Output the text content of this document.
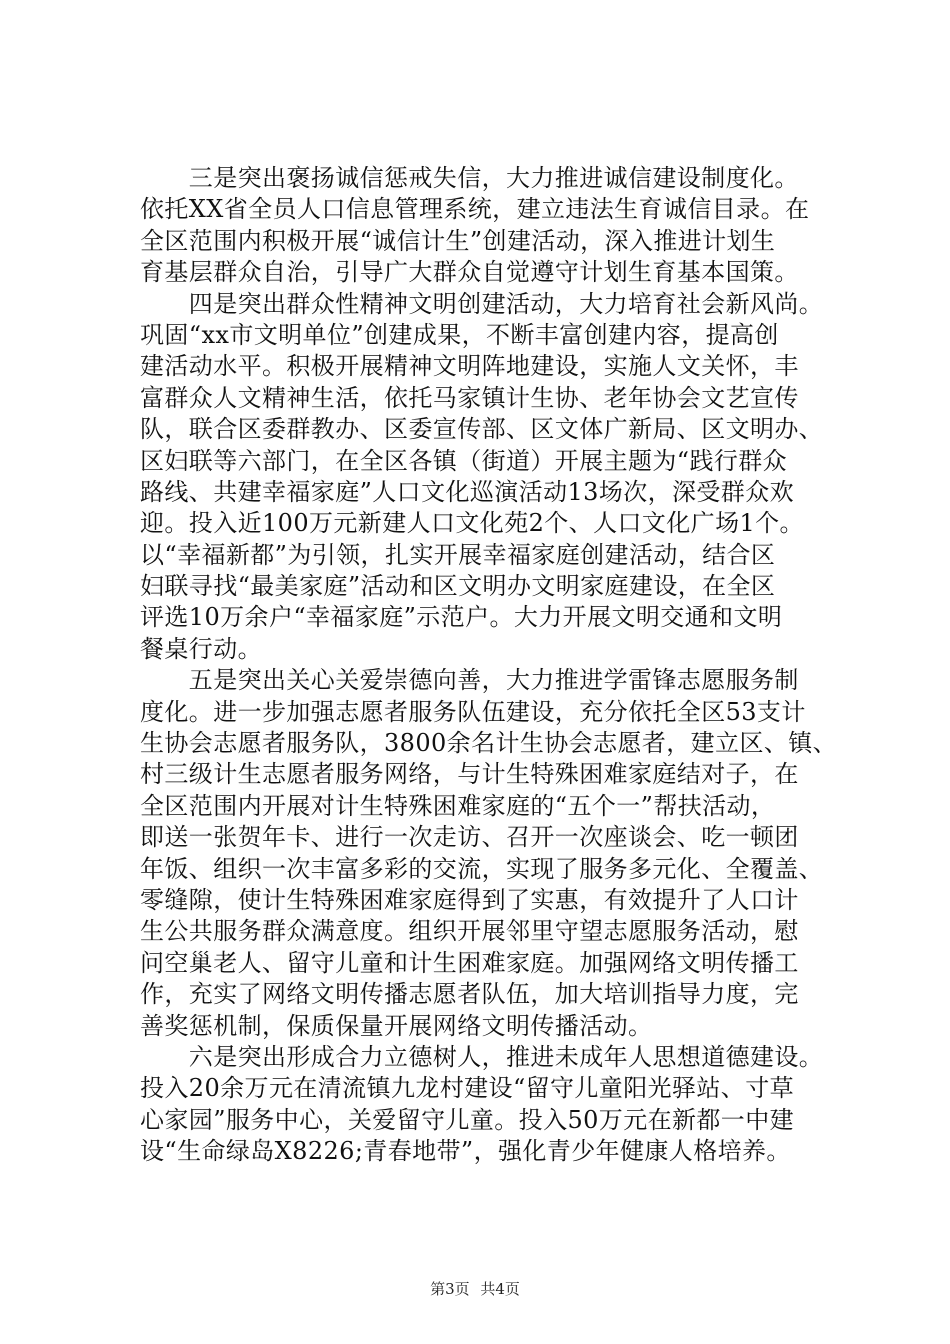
　　三是突出褒扬诚信惩戒失信，大力推进诚信建设制度化。
依托XX省全员人口信息管理系统，建立违法生育诚信目录。在
全区范围内积极开展“诚信计生”创建活动，深入推进计划生
育基层群众自治，引导广大群众自觉遵守计划生育基本国策。
　　四是突出群众性精神文明创建活动，大力培育社会新风尚。
巩固“xx市文明单位”创建成果，不断丰富创建内容，提高创
建活动水平。积极开展精神文明阵地建设，实施人文关怀，丰
富群众人文精神生活，依托马家镇计生协、老年协会文艺宣传
队，联合区委群教办、区委宣传部、区文体广新局、区文明办、
区妇联等六部门，在全区各镇（街道）开展主题为“践行群众
路线、共建幸福家庭”人口文化巡演活动13场次，深受群众欢
迎。投入近100万元新建人口文化苑2个、人口文化广场1个。
以“幸福新都”为引领，扎实开展幸福家庭创建活动，结合区
妇联寻找“最美家庭”活动和区文明办文明家庭建设，在全区
评选10万余户“幸福家庭”示范户。大力开展文明交通和文明
餐桌行动。
　　五是突出关心关爱崇德向善，大力推进学雷锋志愿服务制
度化。进一步加强志愿者服务队伍建设，充分依托全区53支计
生协会志愿者服务队，3800余名计生协会志愿者，建立区、镇、
村三级计生志愿者服务网络，与计生特殊困难家庭结对子，在
全区范围内开展对计生特殊困难家庭的“五个一”帮扶活动，
即送一张贺年卡、进行一次走访、召开一次座谈会、吃一顿团
年饭、组织一次丰富多彩的交流，实现了服务多元化、全覆盖、
零缝隙，使计生特殊困难家庭得到了实惠，有效提升了人口计
生公共服务群众满意度。组织开展邻里守望志愿服务活动，慰
问空巢老人、留守儿童和计生困难家庭。加强网络文明传播工
作，充实了网络文明传播志愿者队伍，加大培训指导力度，完
善奖惩机制，保质保量开展网络文明传播活动。
　　六是突出形成合力立德树人，推进未成年人思想道德建设。
投入20余万元在清流镇九龙村建设“留守儿童阳光驿站、寸草
心家园”服务中心，关爱留守儿童。投入50万元在新都一中建
设“生命绿岛X8226;青春地带”，强化青少年健康人格培养。
第3页 共4页
